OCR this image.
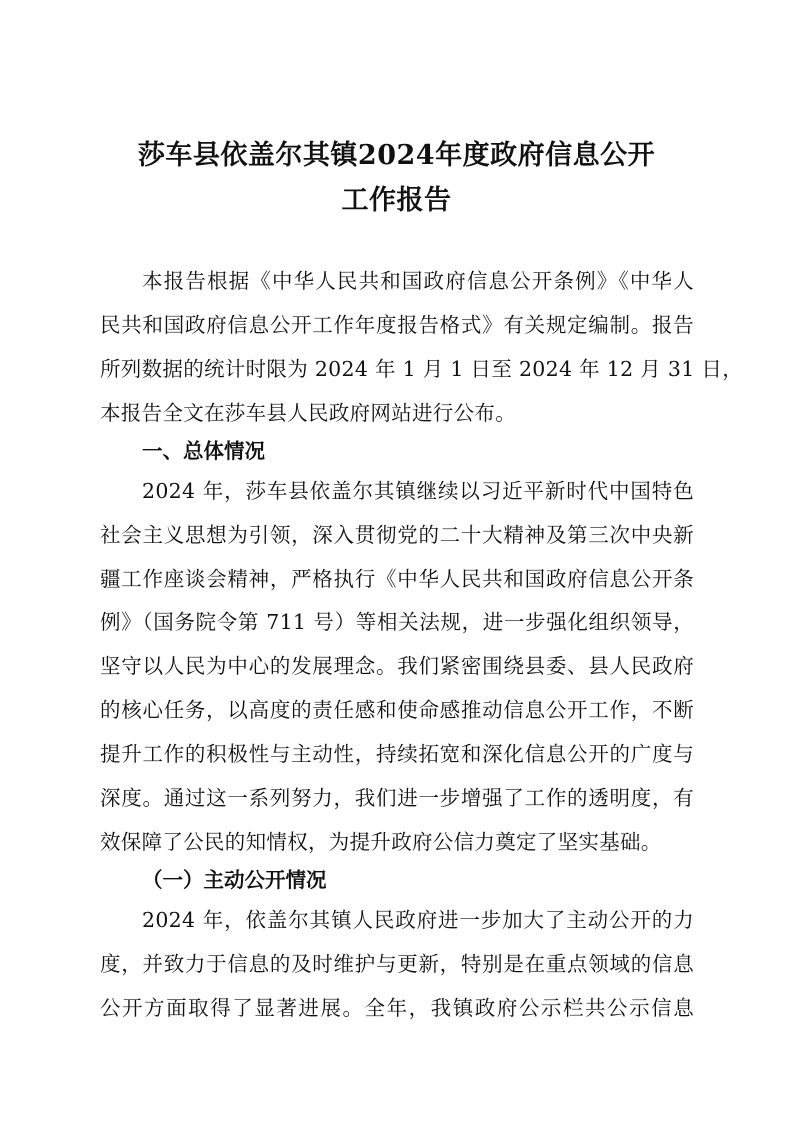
莎车县依盖尔其镇2024年度政府信息公开
工作报告
本报告根据《中华人民共和国政府信息公开条例》《中华人
民共和国政府信息公开工作年度报告格式》有关规定编制。报告
所列数据的统计时限为 2024 年 1 月 1 日至 2024 年 12 月 31 日，
本报告全文在莎车县人民政府网站进行公布。
一、总体情况
2024 年，莎车县依盖尔其镇继续以习近平新时代中国特色
社会主义思想为引领，深入贯彻党的二十大精神及第三次中央新
疆工作座谈会精神，严格执行《中华人民共和国政府信息公开条
例》（国务院令第 711 号）等相关法规，进一步强化组织领导，
坚守以人民为中心的发展理念。我们紧密围绕县委、县人民政府
的核心任务，以高度的责任感和使命感推动信息公开工作，不断
提升工作的积极性与主动性，持续拓宽和深化信息公开的广度与
深度。通过这一系列努力，我们进一步增强了工作的透明度，有
效保障了公民的知情权，为提升政府公信力奠定了坚实基础。
（一）主动公开情况
2024 年，依盖尔其镇人民政府进一步加大了主动公开的力
度，并致力于信息的及时维护与更新，特别是在重点领域的信息
公开方面取得了显著进展。全年，我镇政府公示栏共公示信息
